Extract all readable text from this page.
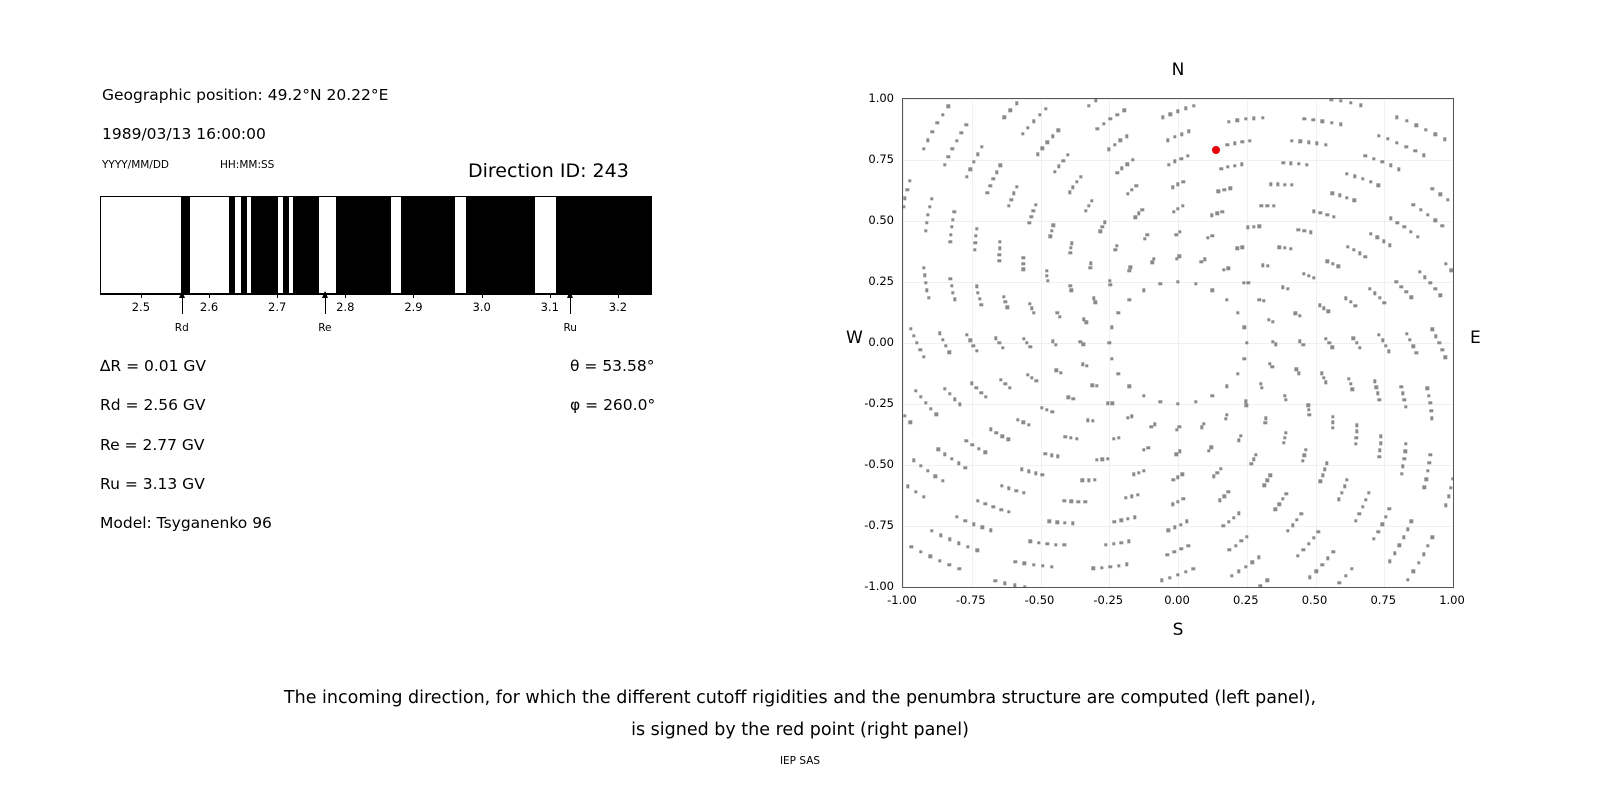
Geographic position: 49.2°N 20.22°E
1989/03/13 16:00:00
YYYY/MM/DD	HH:MM:SS	Direction ID: 243
2.5	2.6	2.7	2.8	2.9	3.0	3.1	3.2
Rd	Re	Ru
∆R = 0.01 GV
Rd = 2.56 GV
Re = 2.77 GV
Ru = 3.13 GV
Model: Tsyganenko 96
θ = 53.58°
φ = 260.0°
N
S
W	E
-1.00	-0.75	-0.50	-0.25	0.00	0.25	0.50	0.75	1.00
-1.00
-0.75
-0.50
-0.25
0.00
0.25
0.50
0.75
1.00
The incoming direction, for which the different cutoff rigidities and the penumbra structure are computed (left panel),
is signed by the red point (right panel)
IEP SAS
